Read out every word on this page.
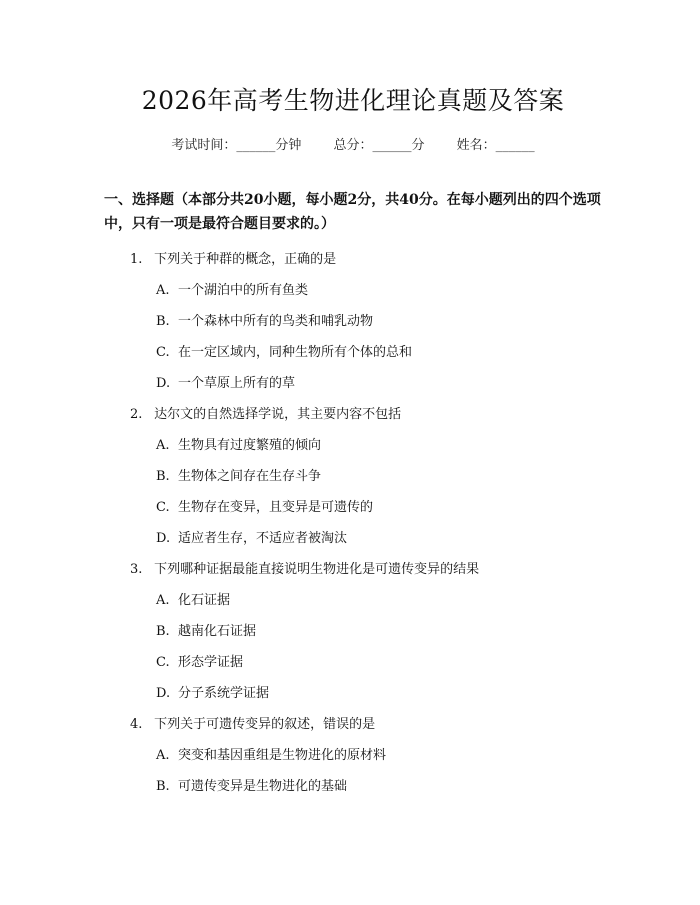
2026年高考生物进化理论真题及答案
考试时间：______分钟 总分：______分 姓名：______
一、选择题（本部分共20小题，每小题2分，共40分。在每小题列出的四个选项中，只有一项是最符合题目要求的。）
1. 下列关于种群的概念，正确的是
A. 一个湖泊中的所有鱼类
B. 一个森林中所有的鸟类和哺乳动物
C. 在一定区域内，同种生物所有个体的总和
D. 一个草原上所有的草
2. 达尔文的自然选择学说，其主要内容不包括
A. 生物具有过度繁殖的倾向
B. 生物体之间存在生存斗争
C. 生物存在变异，且变异是可遗传的
D. 适应者生存，不适应者被淘汰
3. 下列哪种证据最能直接说明生物进化是可遗传变异的结果
A. 化石证据
B. 越南化石证据
C. 形态学证据
D. 分子系统学证据
4. 下列关于可遗传变异的叙述，错误的是
A. 突变和基因重组是生物进化的原材料
B. 可遗传变异是生物进化的基础
